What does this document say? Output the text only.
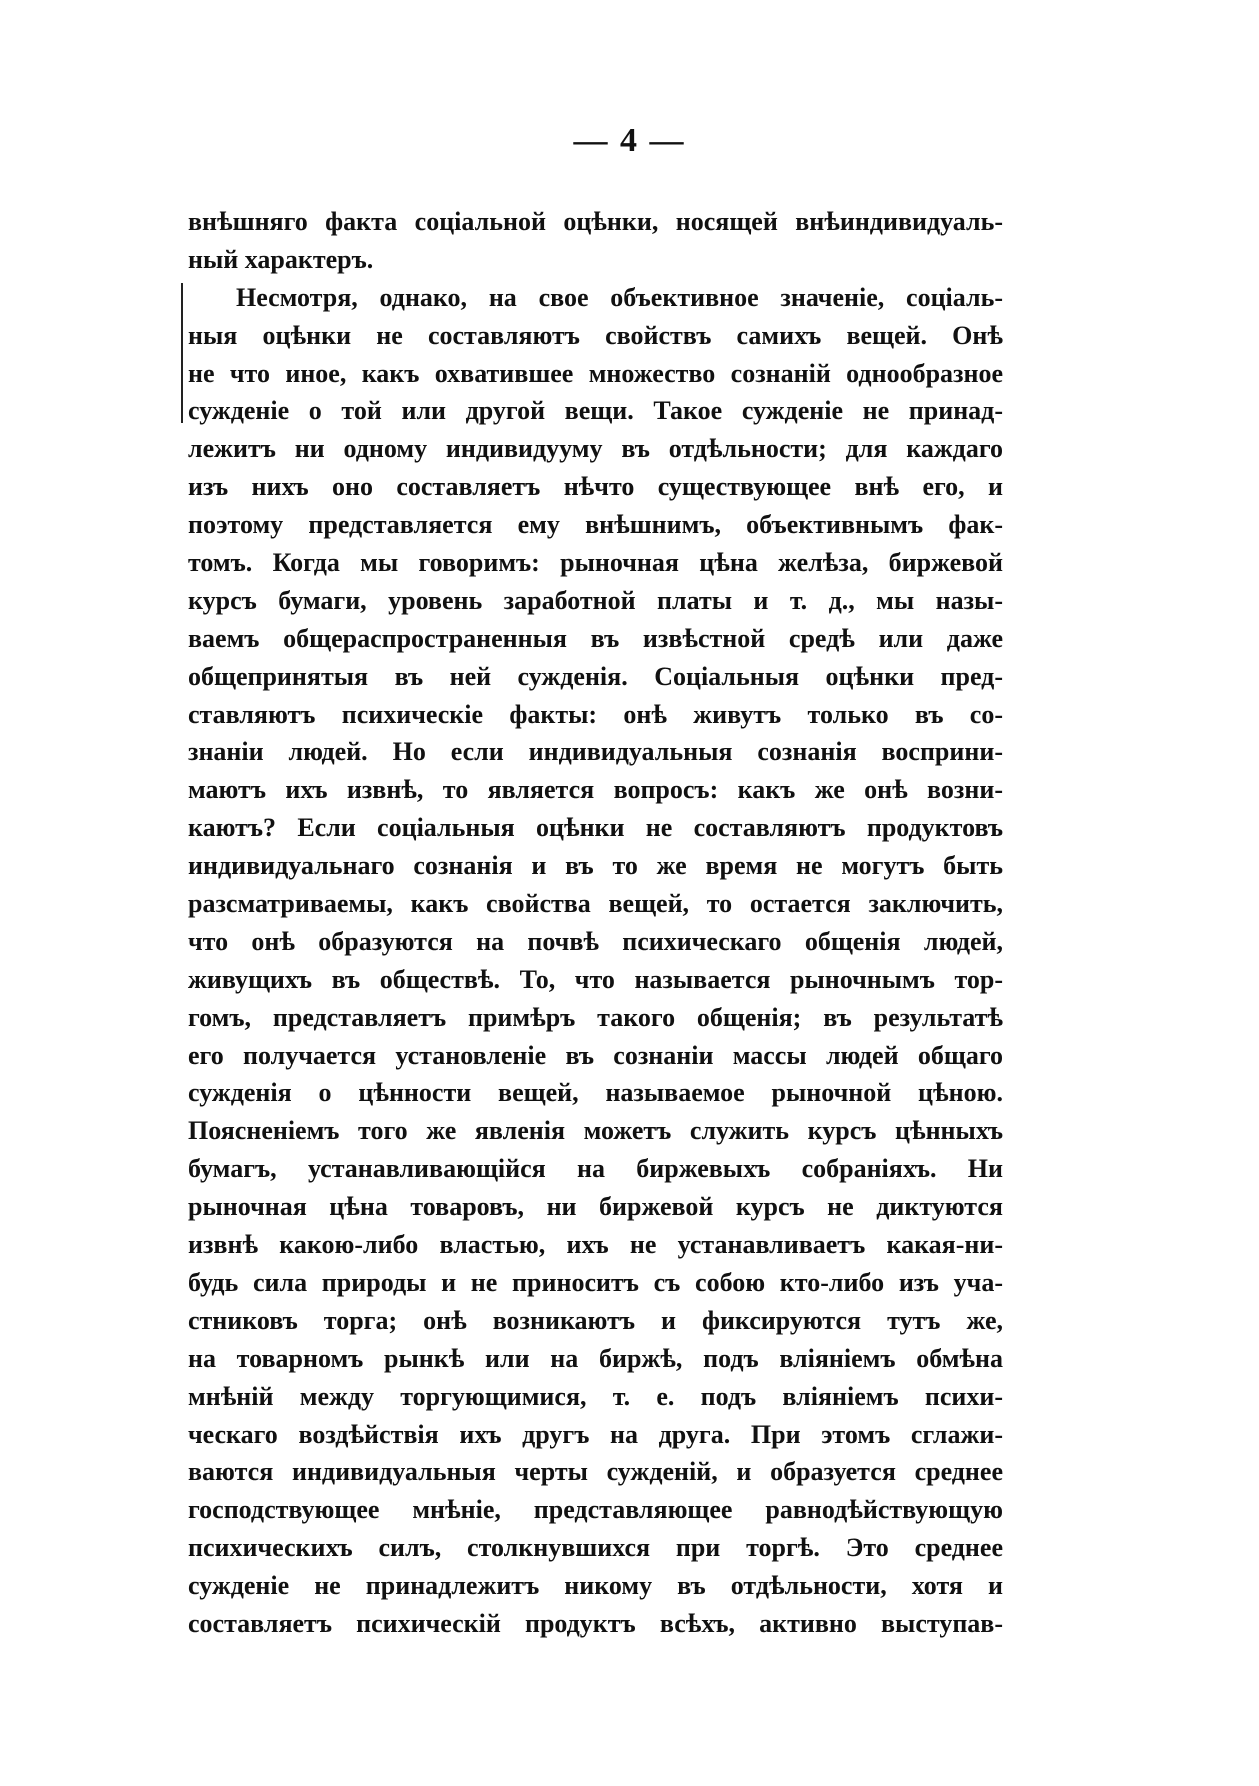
— 4 —
внѣшняго факта соціальной оцѣнки, носящей внѣиндивидуаль-
ный характеръ.
Несмотря, однако, на свое объективное значеніе, соціаль-
ныя оцѣнки не составляютъ свойствъ самихъ вещей. Онѣ
не что иное, какъ охватившее множество сознаній однообразное
сужденіе о той или другой вещи. Такое сужденіе не принад-
лежитъ ни одному индивидууму въ отдѣльности; для каждаго
изъ нихъ оно составляетъ нѣчто существующее внѣ его, и
поэтому представляется ему внѣшнимъ, объективнымъ фак-
томъ. Когда мы говоримъ: рыночная цѣна желѣза, биржевой
курсъ бумаги, уровень заработной платы и т. д., мы назы-
ваемъ общераспространенныя въ извѣстной средѣ или даже
общепринятыя въ ней сужденія. Соціальныя оцѣнки пред-
ставляютъ психическіе факты: онѣ живутъ только въ со-
знаніи людей. Но если индивидуальныя сознанія восприни-
маютъ ихъ извнѣ, то является вопросъ: какъ же онѣ возни-
каютъ? Если соціальныя оцѣнки не составляютъ продуктовъ
индивидуальнаго сознанія и въ то же время не могутъ быть
разсматриваемы, какъ свойства вещей, то остается заключить,
что онѣ образуются на почвѣ психическаго общенія людей,
живущихъ въ обществѣ. То, что называется рыночнымъ тор-
гомъ, представляетъ примѣръ такого общенія; въ результатѣ
его получается установленіе въ сознаніи массы людей общаго
сужденія о цѣнности вещей, называемое рыночной цѣною.
Поясненіемъ того же явленія можетъ служить курсъ цѣнныхъ
бумагъ, устанавливающійся на биржевыхъ собраніяхъ. Ни
рыночная цѣна товаровъ, ни биржевой курсъ не диктуются
извнѣ какою-либо властью, ихъ не устанавливаетъ какая-ни-
будь сила природы и не приноситъ съ собою кто-либо изъ уча-
стниковъ торга; онѣ возникаютъ и фиксируются тутъ же,
на товарномъ рынкѣ или на биржѣ, подъ вліяніемъ обмѣна
мнѣній между торгующимися, т. е. подъ вліяніемъ психи-
ческаго воздѣйствія ихъ другъ на друга. При этомъ сглажи-
ваются индивидуальныя черты сужденій, и образуется среднее
господствующее мнѣніе, представляющее равнодѣйствующую
психическихъ силъ, столкнувшихся при торгѣ. Это среднее
сужденіе не принадлежитъ никому въ отдѣльности, хотя и
составляетъ психическій продуктъ всѣхъ, активно выступав-
